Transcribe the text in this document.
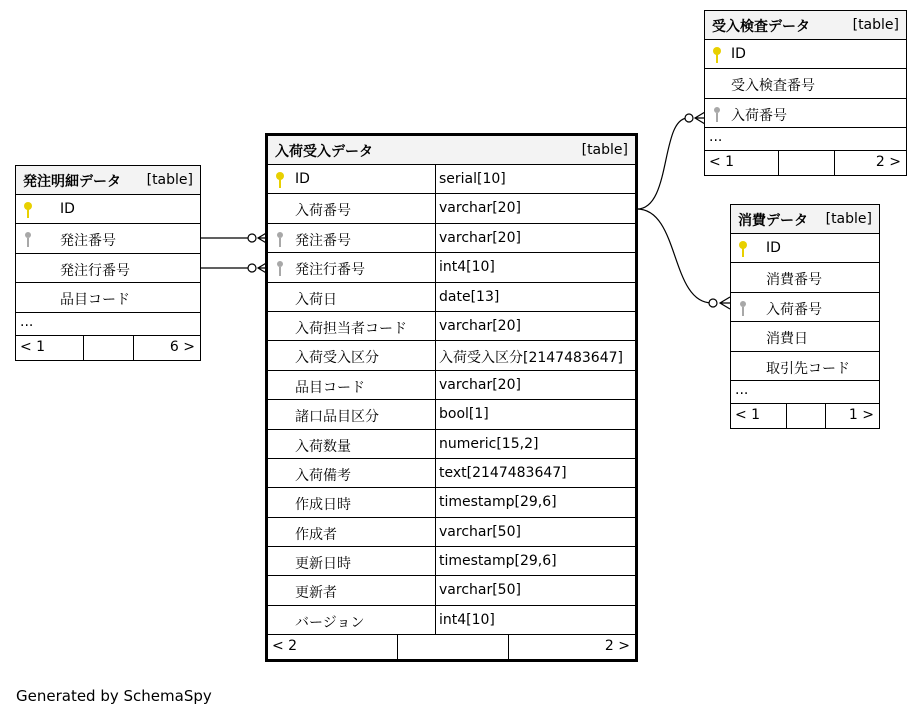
発注明細データ [table]
ID
発注番号
発注行番号
品目コード
...
< 1	6 >
入荷受入データ	[table]
ID	serial[10]
入荷番号	varchar[20]
発注番号	varchar[20]
発注行番号	int4[10]
入荷日	date[13]
入荷担当者コード varchar[20]
入荷受入区分	入荷受入区分[2147483647]
品目コード	varchar[20]
諸口品目区分	bool[1]
入荷数量	numeric[15,2]
入荷備考	text[2147483647]
作成日時	timestamp[29,6]
作成者	varchar[50]
更新日時	timestamp[29,6]
更新者	varchar[50]
バージョン	int4[10]
< 2	2 >
受入検査データ	[table]
ID
受入検査番号
入荷番号
...
< 1	2 >
消費データ [table]
ID
消費番号
入荷番号
消費日
取引先コード
...
< 1	1 >
Generated by SchemaSpy
